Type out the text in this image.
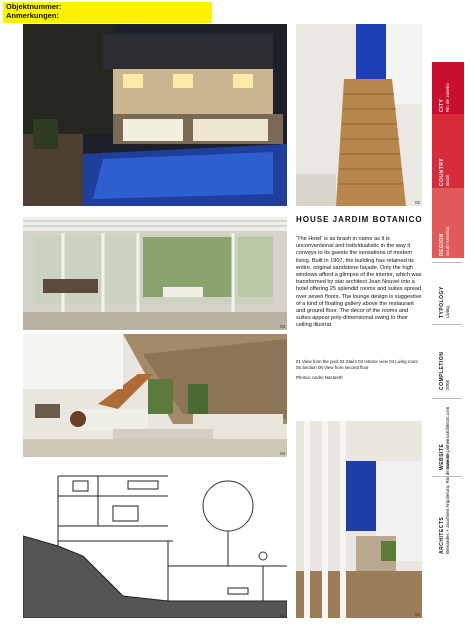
Objektnummer:
Anmerkungen:
01	02
03
04
05	06
HOUSE JARDIM BOTANICO
'The Hotel' is as brash in name as it is unconventional and individualistic in the way it conveys to its guests the sensations of modern living. Built in 1907, the building has retained its entire, original sandstone façade. Only the high windows afford a glimpse of the interior, which was transformed by star architect Jean Nouvel into a hotel offering 25 splendid rooms and suites spread over seven floors. The lounge design is suggestive of a kind of floating gallery above the restaurant and ground floor. The décor of the rooms and suites appear poly-dimensional owing to their ceiling illustrat
01 View from the pool 02 Stairs 03 Interior view 04 Living room 05 Section 06 View from second floor
Photos: Andre Nazareth
CITY
Rio de Janeiro
COUNTRY
Brazil
REGION
South America
TYPOLOGY
Living
COMPLETION
2006
WEBSITE
www. de.pinheiroarchitects.com
ARCHITECTS
Bernardes + Jacobsen Arquitetura, Rio de Janeiro
